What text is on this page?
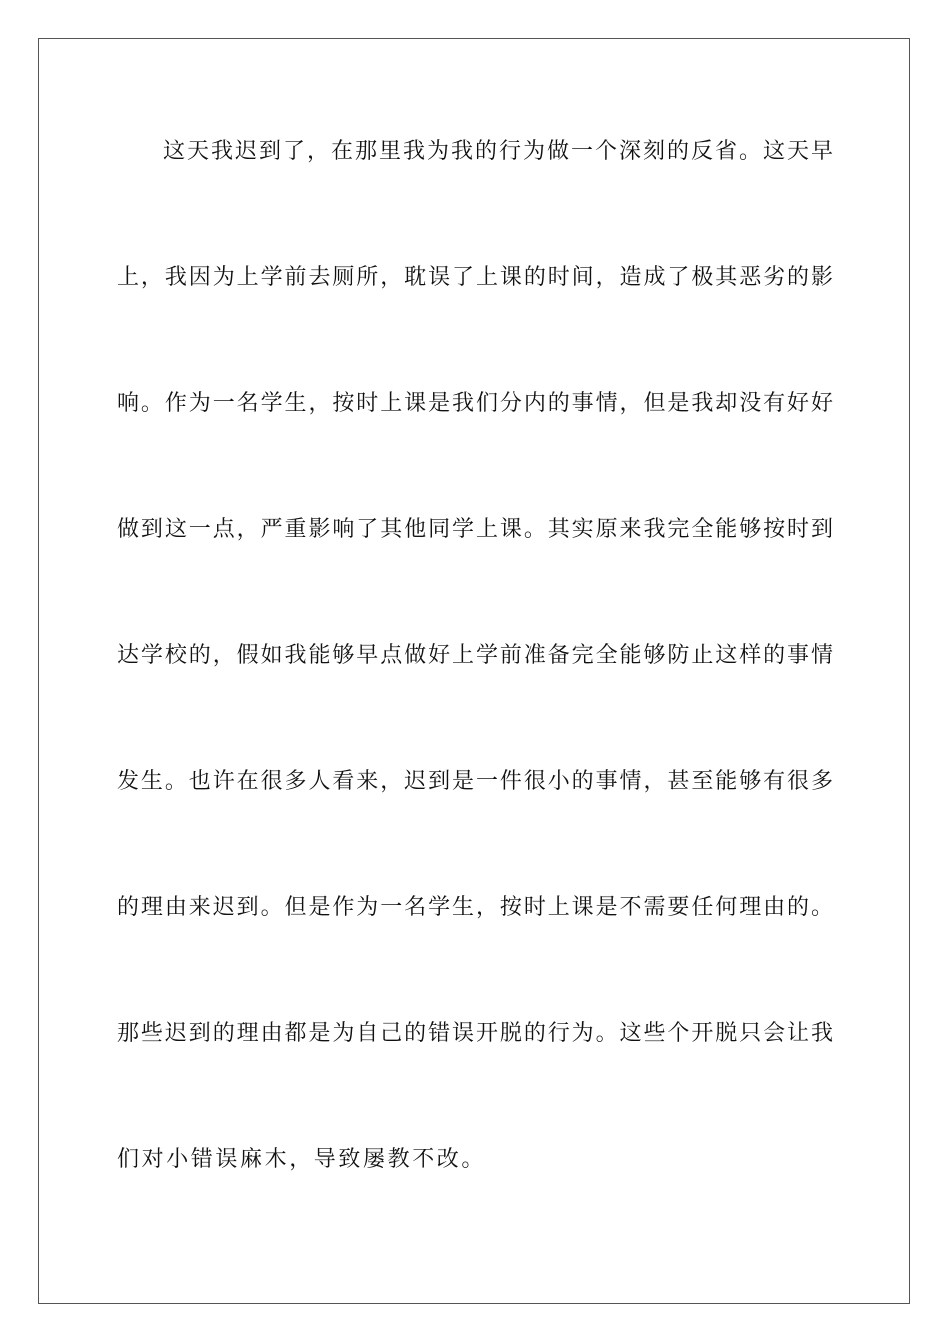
这天我迟到了，在那里我为我的行为做一个深刻的反省。这天早
上，我因为上学前去厕所，耽误了上课的时间，造成了极其恶劣的影
响。作为一名学生，按时上课是我们分内的事情，但是我却没有好好
做到这一点，严重影响了其他同学上课。其实原来我完全能够按时到
达学校的，假如我能够早点做好上学前准备完全能够防止这样的事情
发生。也许在很多人看来，迟到是一件很小的事情，甚至能够有很多
的理由来迟到。但是作为一名学生，按时上课是不需要任何理由的。
那些迟到的理由都是为自己的错误开脱的行为。这些个开脱只会让我
们对小错误麻木，导致屡教不改。
